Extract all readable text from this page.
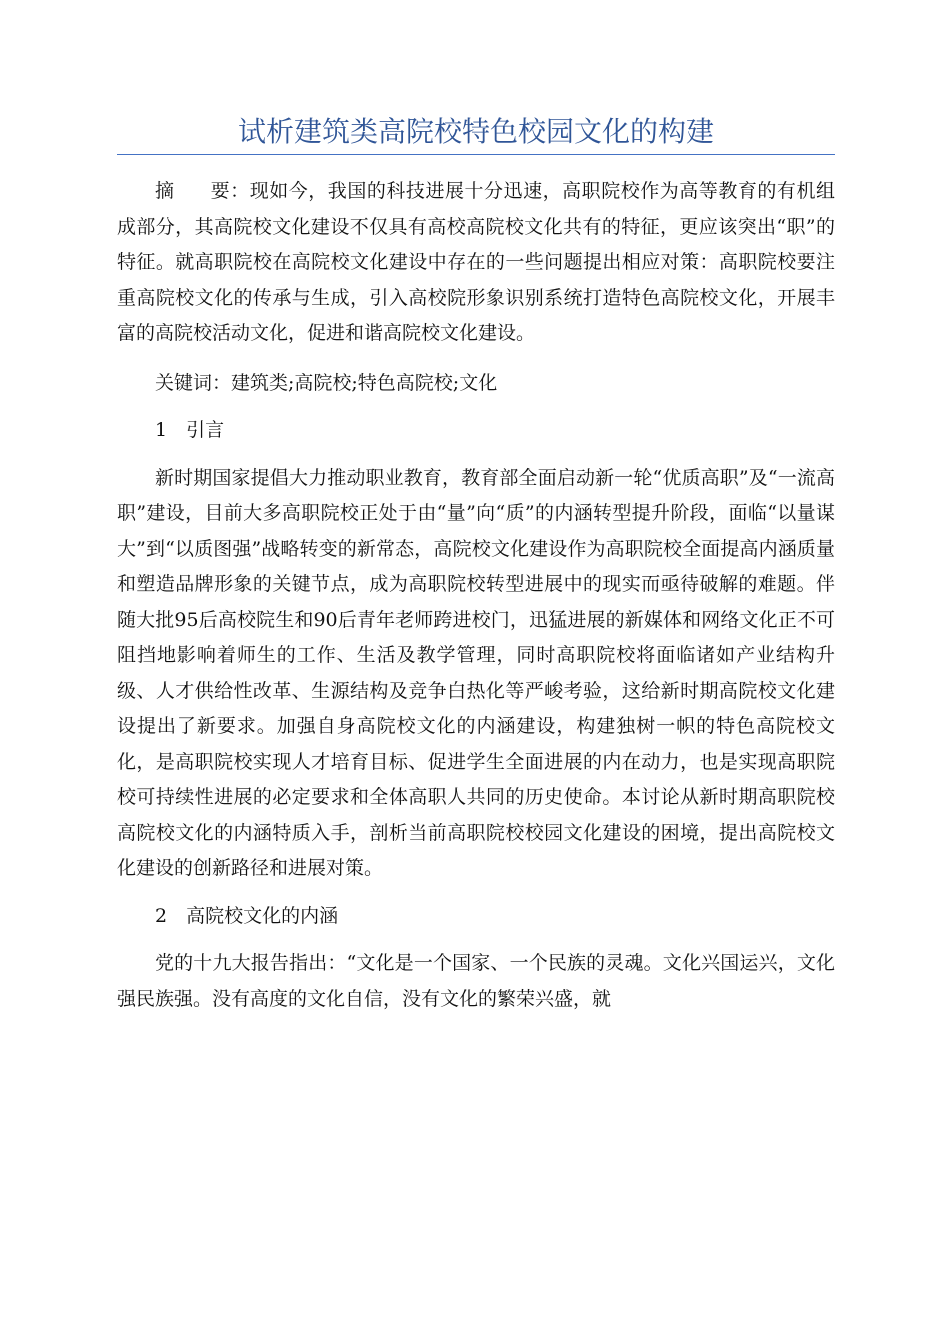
试析建筑类高院校特色校园文化的构建

摘要：现如今，我国的科技进展十分迅速，高职院校作为高等教育的有机组成部分，其高院校文化建设不仅具有高校高院校文化共有的特征，更应该突出“职”的特征。就高职院校在高院校文化建设中存在的一些问题提出相应对策：高职院校要注重高院校文化的传承与生成，引入高校院形象识别系统打造特色高院校文化，开展丰富的高院校活动文化，促进和谐高院校文化建设。

关键词：建筑类;高院校;特色高院校;文化

1　引言

新时期国家提倡大力推动职业教育，教育部全面启动新一轮“优质高职”及“一流高职”建设，目前大多高职院校正处于由“量”向“质”的内涵转型提升阶段，面临“以量谋大”到“以质图强”战略转变的新常态，高院校文化建设作为高职院校全面提高内涵质量和塑造品牌形象的关键节点，成为高职院校转型进展中的现实而亟待破解的难题。伴随大批95后高校院生和90后青年老师跨进校门，迅猛进展的新媒体和网络文化正不可阻挡地影响着师生的工作、生活及教学管理，同时高职院校将面临诸如产业结构升级、人才供给性改革、生源结构及竞争白热化等严峻考验，这给新时期高院校文化建设提出了新要求。加强自身高院校文化的内涵建设，构建独树一帜的特色高院校文化，是高职院校实现人才培育目标、促进学生全面进展的内在动力，也是实现高职院校可持续性进展的必定要求和全体高职人共同的历史使命。本讨论从新时期高职院校高院校文化的内涵特质入手，剖析当前高职院校校园文化建设的困境，提出高院校文化建设的创新路径和进展对策。

2　高院校文化的内涵

党的十九大报告指出：“文化是一个国家、一个民族的灵魂。文化兴国运兴，文化强民族强。没有高度的文化自信，没有文化的繁荣兴盛，就
